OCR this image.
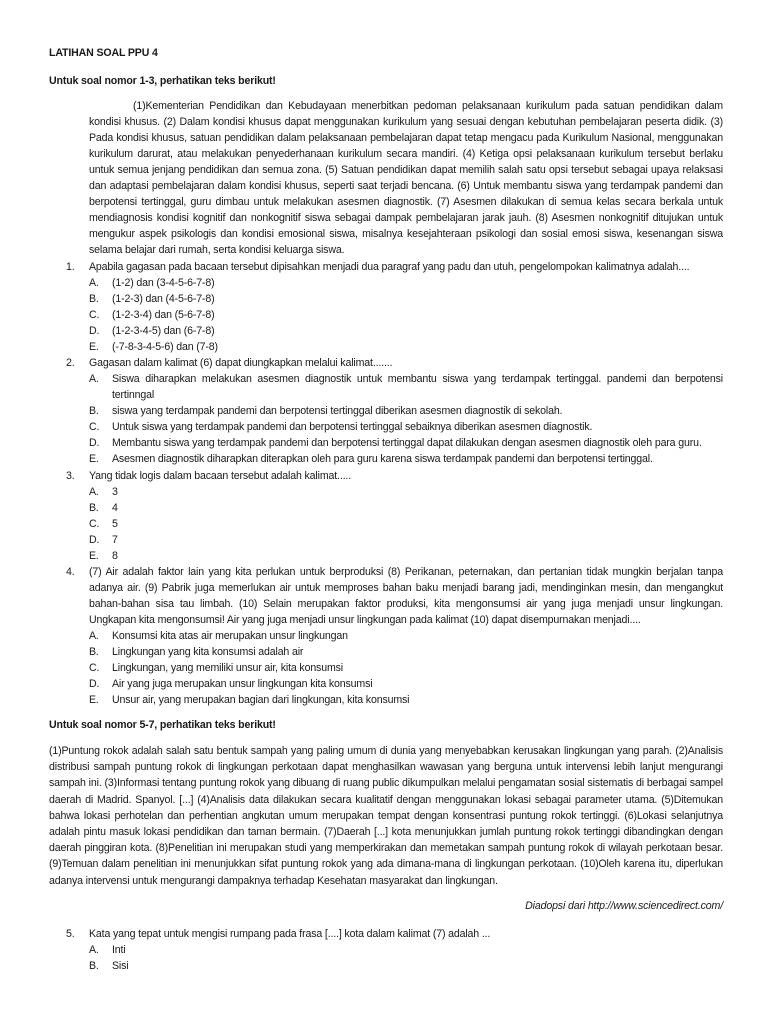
LATIHAN SOAL PPU 4
Untuk soal nomor 1-3, perhatikan teks berikut!
(1)Kementerian Pendidikan dan Kebudayaan menerbitkan pedoman pelaksanaan kurikulum pada satuan pendidikan dalam kondisi khusus. (2) Dalam kondisi khusus dapat menggunakan kurikulum yang sesuai dengan kebutuhan pembelajaran peserta didik. (3) Pada kondisi khusus, satuan pendidikan dalam pelaksanaan pembelajaran dapat tetap mengacu pada Kurikulum Nasional, menggunakan kurikulum darurat, atau melakukan penyederhanaan kurikulum secara mandiri. (4) Ketiga opsi pelaksanaan kurikulum tersebut berlaku untuk semua jenjang pendidikan dan semua zona. (5) Satuan pendidikan dapat memilih salah satu opsi tersebut sebagai upaya relaksasi dan adaptasi pembelajaran dalam kondisi khusus, seperti saat terjadi bencana. (6) Untuk membantu siswa yang terdampak pandemi dan berpotensi tertinggal, guru dimbau untuk melakukan asesmen diagnostik. (7) Asesmen dilakukan di semua kelas secara berkala untuk mendiagnosis kondisi kognitif dan nonkognitif siswa sebagai dampak pembelajaran jarak jauh. (8) Asesmen nonkognitif ditujukan untuk mengukur aspek psikologis dan kondisi emosional siswa, misalnya kesejahteraan psikologi dan sosial emosi siswa, kesenangan siswa selama belajar dari rumah, serta kondisi keluarga siswa.
1.	Apabila gagasan pada bacaan tersebut dipisahkan menjadi dua paragraf yang padu dan utuh, pengelompokan kalimatnya adalah....
A.	(1-2) dan (3-4-5-6-7-8)
B.	(1-2-3) dan (4-5-6-7-8)
C.	(1-2-3-4) dan (5-6-7-8)
D.	(1-2-3-4-5) dan (6-7-8)
E.	(-7-8-3-4-5-6) dan (7-8)
2.	Gagasan dalam kalimat (6) dapat diungkapkan melalui kalimat.......
A.	Siswa diharapkan melakukan asesmen diagnostik untuk membantu siswa yang terdampak tertinggal. pandemi dan berpotensi tertinngal
B.	siswa yang terdampak pandemi dan berpotensi tertinggal diberikan asesmen diagnostik di sekolah.
C.	Untuk siswa yang terdampak pandemi dan berpotensi tertinggal sebaiknya diberikan asesmen diagnostik.
D.	Membantu siswa yang terdampak pandemi dan berpotensi tertinggal dapat dilakukan dengan asesmen diagnostik oleh para guru.
E.	Asesmen diagnostik diharapkan diterapkan oleh para guru karena siswa terdampak pandemi dan berpotensi tertinggal.
3.	Yang tidak logis dalam bacaan tersebut adalah kalimat.....
A.	3
B.	4
C.	5
D.	7
E.	8
4.	(7) Air adalah faktor lain yang kita perlukan untuk berproduksi (8) Perikanan, peternakan, dan pertanian tidak mungkin berjalan tanpa adanya air. (9) Pabrik juga memerlukan air untuk memproses bahan baku menjadi barang jadi, mendinginkan mesin, dan mengangkut bahan-bahan sisa tau limbah. (10) Selain merupakan faktor produksi, kita mengonsumsi air yang juga menjadi unsur lingkungan. Ungkapan kita mengonsumsi! Air yang juga menjadi unsur lingkungan pada kalimat (10) dapat disempurnakan menjadi....
A.	Konsumsi kita atas air merupakan unsur lingkungan
B.	Lingkungan yang kita konsumsi adalah air
C.	Lingkungan, yang memiliki unsur air, kita konsumsi
D.	Air yang juga merupakan unsur lingkungan kita konsumsi
E.	Unsur air, yang merupakan bagian dari lingkungan, kita konsumsi
Untuk soal nomor 5-7, perhatikan teks berikut!
(1)Puntung rokok adalah salah satu bentuk sampah yang paling umum di dunia yang menyebabkan kerusakan lingkungan yang parah. (2)Analisis distribusi sampah puntung rokok di lingkungan perkotaan dapat menghasilkan wawasan yang berguna untuk intervensi lebih lanjut mengurangi sampah ini. (3)Informasi tentang puntung rokok yang dibuang di ruang public dikumpulkan melalui pengamatan sosial sistematis di berbagai sampel daerah di Madrid. Spanyol. [...] (4)Analisis data dilakukan secara kualitatif dengan menggunakan lokasi sebagai parameter utama. (5)Ditemukan bahwa lokasi perhotelan dan perhentian angkutan umum merupakan tempat dengan konsentrasi puntung rokok tertinggi. (6)Lokasi selanjutnya adalah pintu masuk lokasi pendidikan dan taman bermain. (7)Daerah [...] kota menunjukkan jumlah puntung rokok tertinggi dibandingkan dengan daerah pinggiran kota. (8)Penelitian ini merupakan studi yang memperkirakan dan memetakan sampah puntung rokok di wilayah perkotaan besar. (9)Temuan dalam penelitian ini menunjukkan sifat puntung rokok yang ada dimana-mana di lingkungan perkotaan. (10)Oleh karena itu, diperlukan adanya intervensi untuk mengurangi dampaknya terhadap Kesehatan masyarakat dan lingkungan.
Diadopsi dari http://www.sciencedirect.com/
5.	Kata yang tepat untuk mengisi rumpang pada frasa [....] kota dalam kalimat (7) adalah ...
A.	Inti
B.	Sisi
